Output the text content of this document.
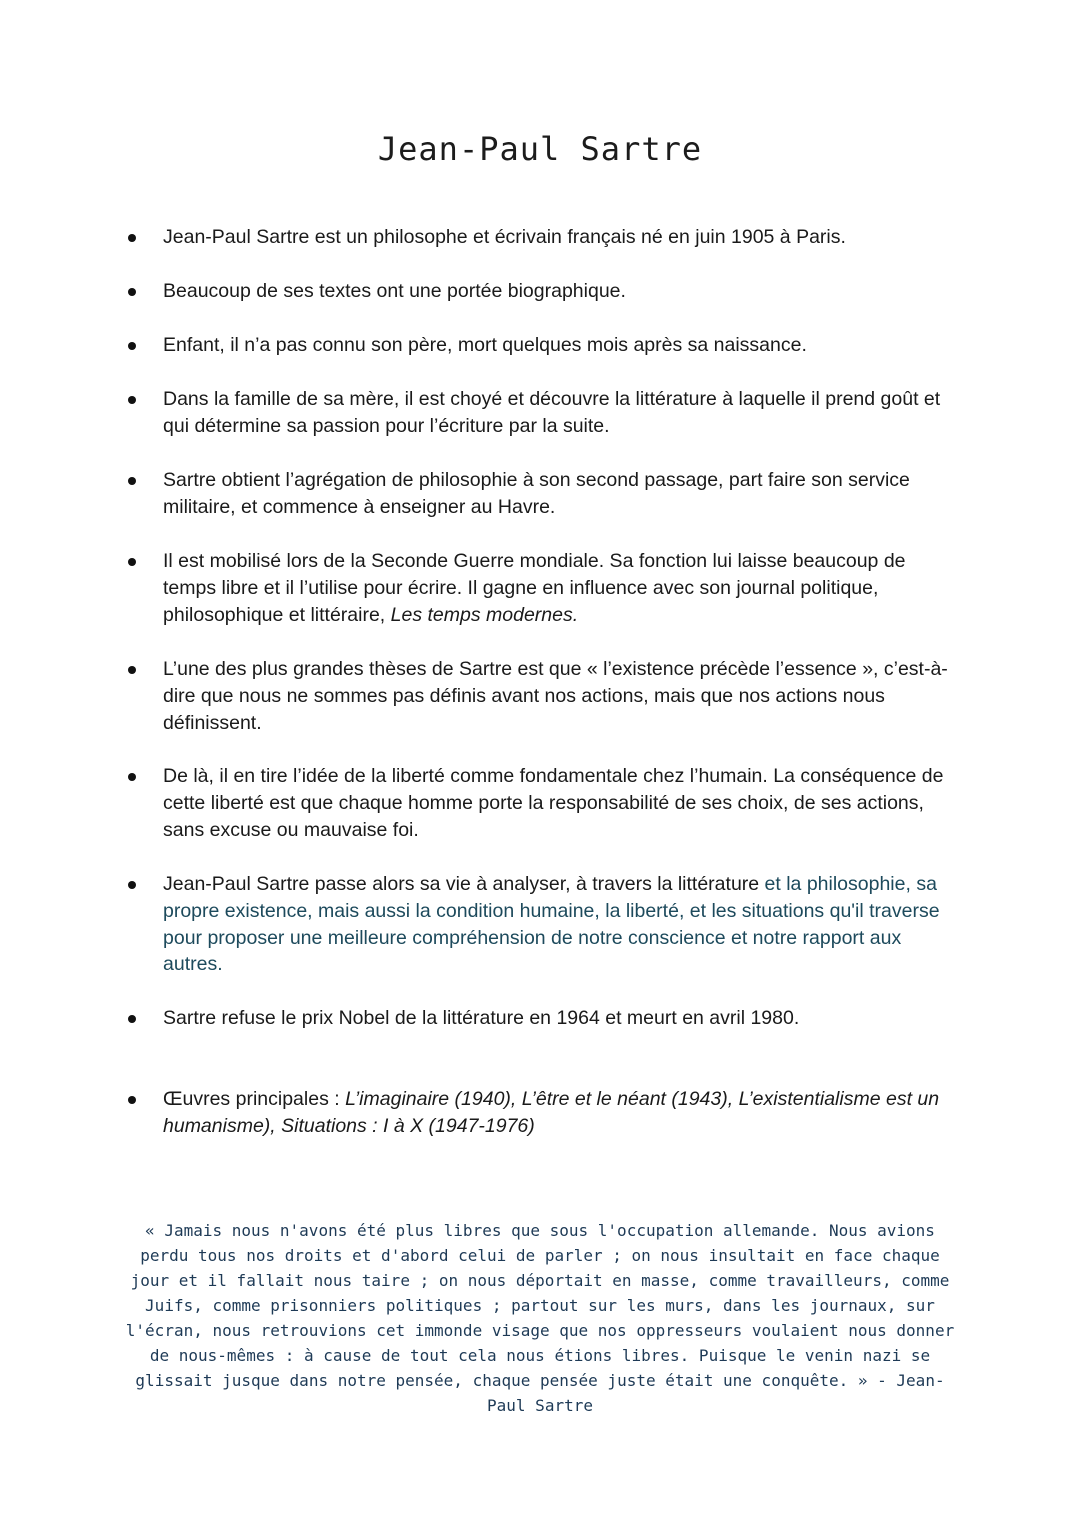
Jean-Paul Sartre
Jean-Paul Sartre est un philosophe et écrivain français né en juin 1905 à Paris.
Beaucoup de ses textes ont une portée biographique.
Enfant, il n’a pas connu son père, mort quelques mois après sa naissance.
Dans la famille de sa mère, il est choyé et découvre la littérature à laquelle il prend goût et qui détermine sa passion pour l’écriture par la suite.
Sartre obtient l’agrégation de philosophie à son second passage, part faire son service militaire, et commence à enseigner au Havre.
Il est mobilisé lors de la Seconde Guerre mondiale. Sa fonction lui laisse beaucoup de temps libre et il l’utilise pour écrire. Il gagne en influence avec son journal politique, philosophique et littéraire, Les temps modernes.
L’une des plus grandes thèses de Sartre est que « l’existence précède l’essence », c’est-à-dire que nous ne sommes pas définis avant nos actions, mais que nos actions nous définissent.
De là, il en tire l’idée de la liberté comme fondamentale chez l’humain. La conséquence de cette liberté est que chaque homme porte la responsabilité de ses choix, de ses actions, sans excuse ou mauvaise foi.
Jean-Paul Sartre passe alors sa vie à analyser, à travers la littérature et la philosophie, sa propre existence, mais aussi la condition humaine, la liberté, et les situations qu'il traverse pour proposer une meilleure compréhension de notre conscience et notre rapport aux autres.
Sartre refuse le prix Nobel de la littérature en 1964 et meurt en avril 1980.
Œuvres principales : L’imaginaire (1940), L’être et le néant (1943), L’existentialisme est un humanisme), Situations : I à X (1947-1976)

« Jamais nous n'avons été plus libres que sous l'occupation allemande. Nous avions perdu tous nos droits et d'abord celui de parler ; on nous insultait en face chaque jour et il fallait nous taire ; on nous déportait en masse, comme travailleurs, comme Juifs, comme prisonniers politiques ; partout sur les murs, dans les journaux, sur l'écran, nous retrouvions cet immonde visage que nos oppresseurs voulaient nous donner de nous-mêmes : à cause de tout cela nous étions libres. Puisque le venin nazi se glissait jusque dans notre pensée, chaque pensée juste était une conquête. » - Jean-Paul Sartre
